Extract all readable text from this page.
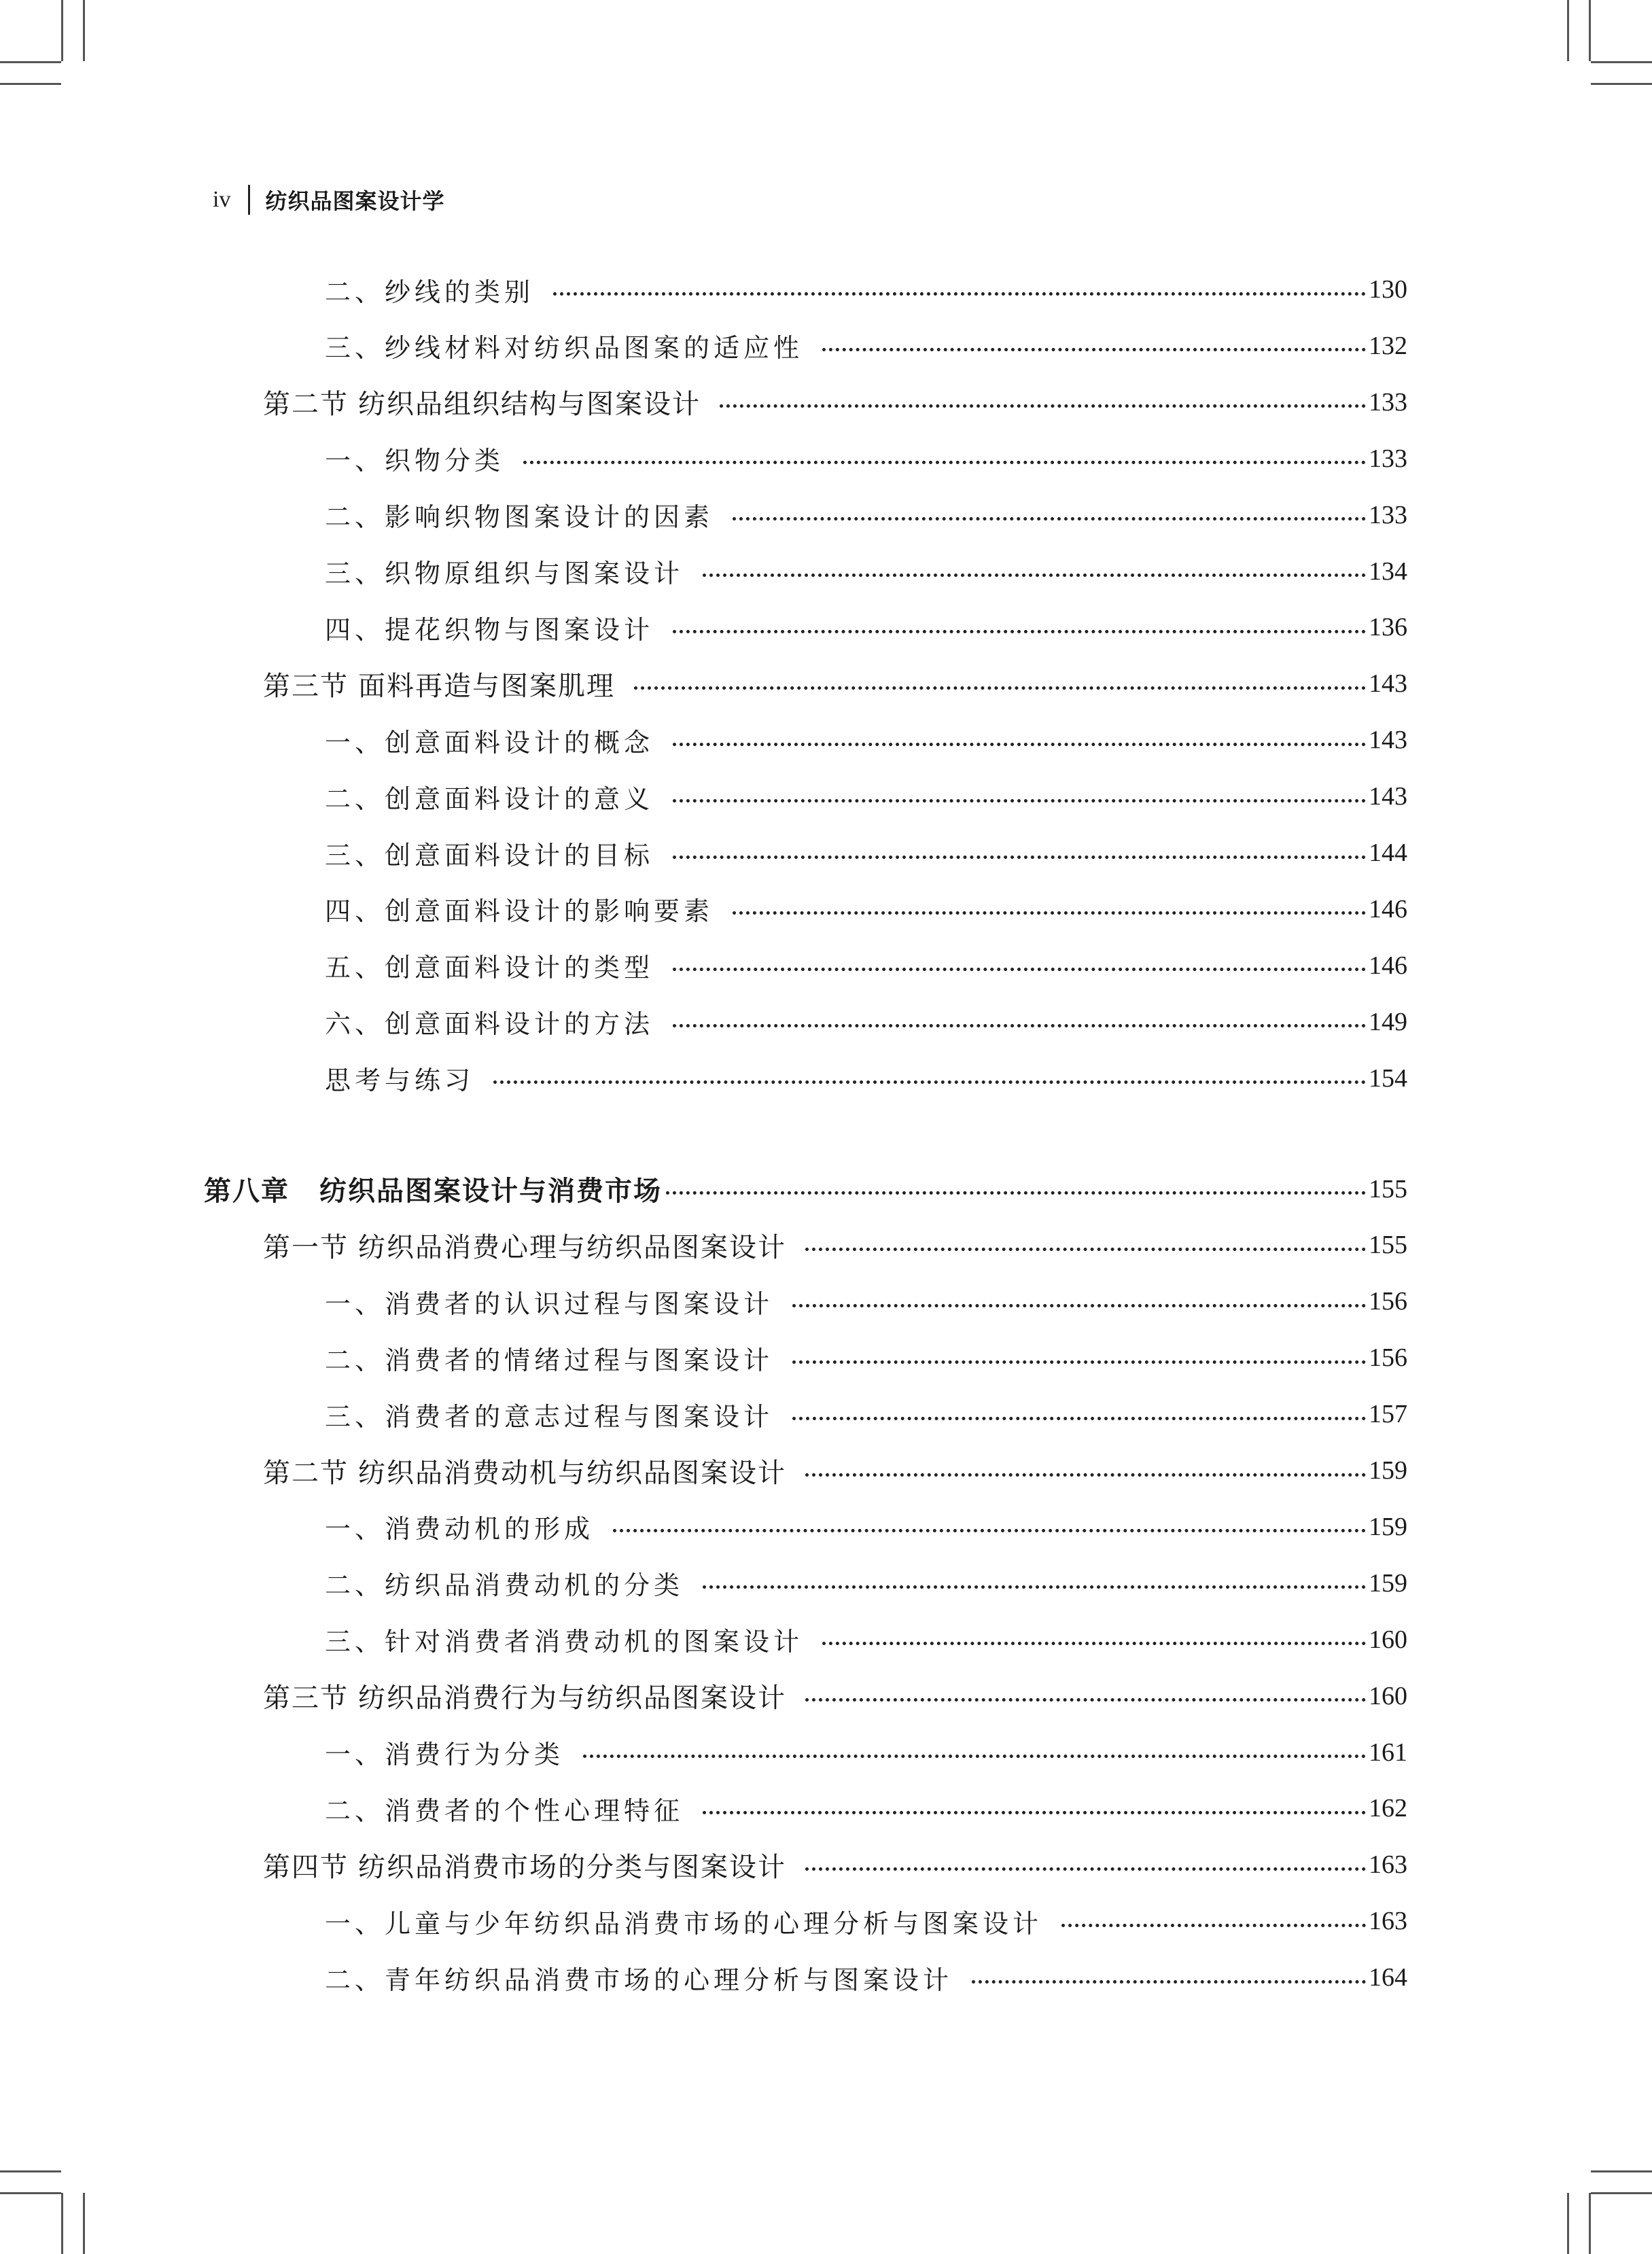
iv 纺织品图案设计学
二、纱线的类别	130
三、纱线材料对纺织品图案的适应性	132
第二节 纺织品组织结构与图案设计	133
一、织物分类	133
二、影响织物图案设计的因素	133
三、织物原组织与图案设计	134
四、提花织物与图案设计	136
第三节 面料再造与图案肌理	143
一、创意面料设计的概念	143
二、创意面料设计的意义	143
三、创意面料设计的目标	144
四、创意面料设计的影响要素	146
五、创意面料设计的类型	146
六、创意面料设计的方法	149
思考与练习	154
第八章 纺织品图案设计与消费市场	155
第一节 纺织品消费心理与纺织品图案设计	155
一、消费者的认识过程与图案设计	156
二、消费者的情绪过程与图案设计	156
三、消费者的意志过程与图案设计	157
第二节 纺织品消费动机与纺织品图案设计	159
一、消费动机的形成	159
二、纺织品消费动机的分类	159
三、针对消费者消费动机的图案设计	160
第三节 纺织品消费行为与纺织品图案设计	160
一、消费行为分类	161
二、消费者的个性心理特征	162
第四节 纺织品消费市场的分类与图案设计	163
一、儿童与少年纺织品消费市场的心理分析与图案设计	163
二、青年纺织品消费市场的心理分析与图案设计	164
